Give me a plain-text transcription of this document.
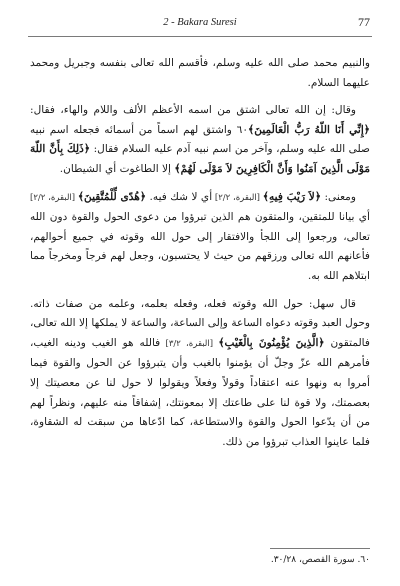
2 - Bakara Suresi	77

والنبيم محمد صلى الله عليه وسلم، فأقسم الله تعالى بنفسه وجبريل ومحمد عليهما السلام.

وقال: إن الله تعالى اشتق من اسمه الأعظم الألف واللام والهاء، فقال: ﴿إِنِّي أَنَا اللّهُ رَبُّ الْعَالَمِينَ﴾٦٠ واشتق لهم اسماً من أسمائه فجعله اسم نبيه صلى الله عليه وسلم، وآخر من اسم نبيه آدم عليه السلام فقال: ﴿ذَلِكَ بِأَنَّ اللّهَ مَوْلَى الَّذِينَ آمَنُوا وَأَنَّ الْكَافِرِينَ لاَ مَوْلَى لَهُمْ﴾ إلا الطاغوت أي الشيطان.

ومعنى: ﴿لاَ رَيْبَ فِيهِ﴾ [البقرة، ٢/٢] أي لا شك فيه. ﴿هُدًى لِّلْمُتَّقِينَ﴾ [البقرة، ٢/٢] أي بيانا للمتقين، والمتقون هم الذين تبرؤوا من دعوى الحول والقوة دون الله تعالى، ورجعوا إلى اللجأ والافتقار إلى حول الله وقوته في جميع أحوالهم، فأعانهم الله تعالى ورزقهم من حيث لا يحتسبون، وجعل لهم فرجاً ومخرجاً مما ابتلاهم الله به.

قال سهل: حول الله وقوته فعله، وفعله بعلمه، وعلمه من صفات ذاته. وحول العبد وقوته دعواه الساعة وإلى الساعة، والساعة لا يملكها إلا الله تعالى، فالمتقون ﴿الَّذِينَ يُؤْمِنُونَ بِالْغَيْبِ﴾ [البقرة، ٣/٢] فالله هو الغيب ودينه الغيب، فأمرهم الله عزّ وجلّ أن يؤمنوا بالغيب وأن يتبرؤوا عن الحول والقوة فيما أمروا به ونهوا عنه اعتقاداً وقولاً وفعلاً ويقولوا لا حول لنا عن معصيتك إلا بعصمتك، ولا قوة لنا على طاعتك إلا بمعونتك، إشفاقاً منه عليهم، ونظراً لهم من أن يدّعوا الحول والقوة والاستطاعة، كما ادّعاها من سبقت له الشقاوة، فلما عاينوا العذاب تبرؤوا من ذلك.

٦٠. سورة القصص، ٣٠/٢٨.
